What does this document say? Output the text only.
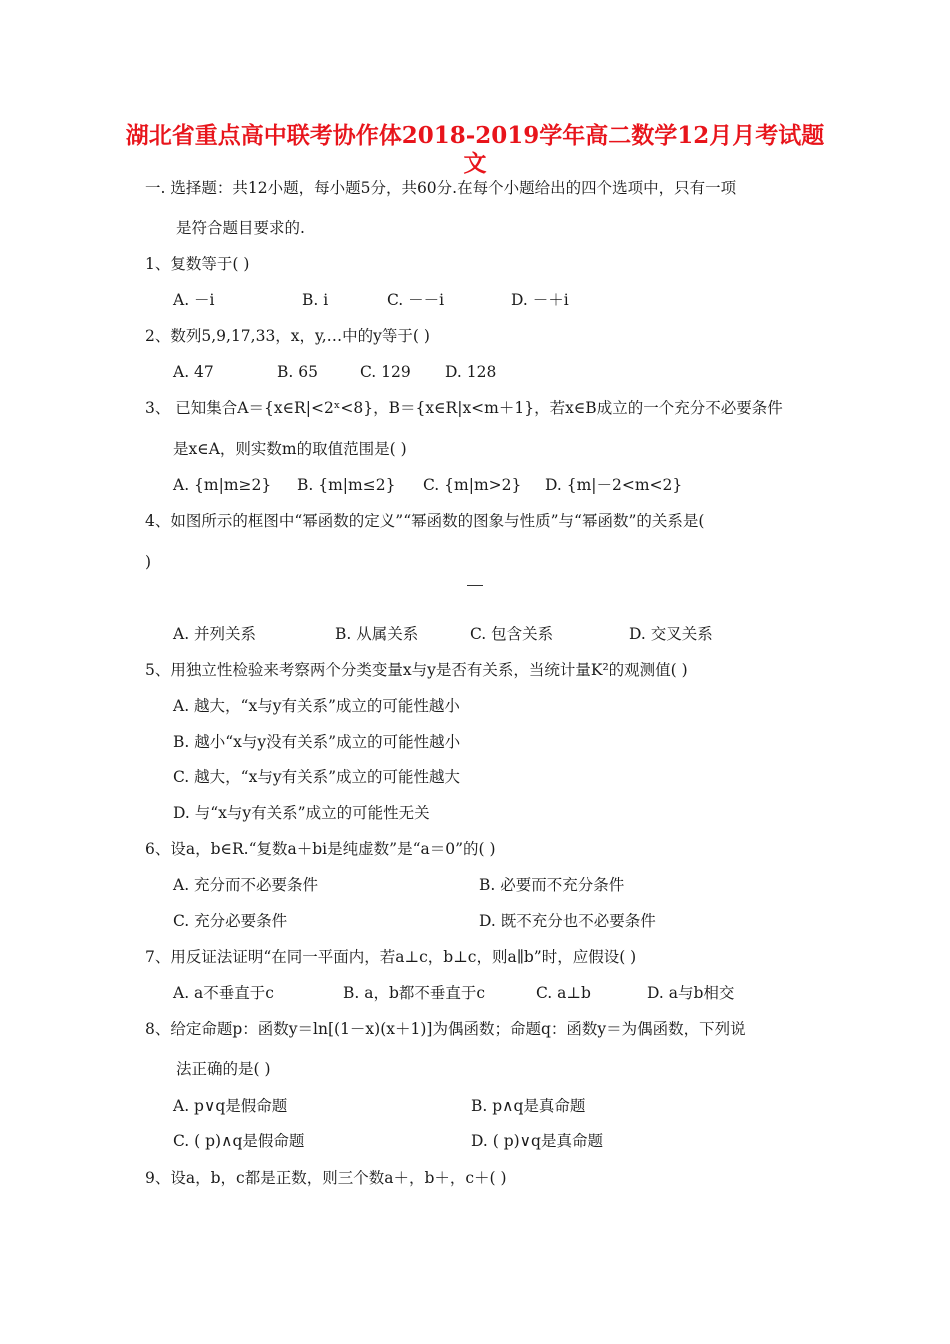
湖北省重点高中联考协作体2018-2019学年高二数学12月月考试题
文
一. 选择题：共12小题，每小题5分，共60分.在每个小题给出的四个选项中，只有一项
是符合题目要求的.
1、复数等于( )
A. －i	B. i	C. －－i	D. －＋i
2、数列5,9,17,33，x，y,…中的y等于( )
A. 47	B. 65	C. 129 D. 128
3、 已知集合A＝{x∈R|<2ˣ<8}，B＝{x∈R|x<m＋1}，若x∈B成立的一个充分不必要条件
是x∈A，则实数m的取值范围是( )
A. {m|m≥2} B. {m|m≤2} C. {m|m>2} D. {m|－2<m<2}
4、如图所示的框图中“幂函数的定义”“幂函数的图象与性质”与“幂函数”的关系是(
)
A. 并列关系	B. 从属关系	C. 包含关系	D. 交叉关系
5、用独立性检验来考察两个分类变量x与y是否有关系，当统计量K²的观测值( )
A. 越大，“x与y有关系”成立的可能性越小
B. 越小“x与y没有关系”成立的可能性越小
C. 越大，“x与y有关系”成立的可能性越大
D. 与“x与y有关系”成立的可能性无关
6、设a，b∈R.“复数a＋bi是纯虚数”是“a＝0”的( )
A. 充分而不必要条件	B. 必要而不充分条件
C. 充分必要条件	D. 既不充分也不必要条件
7、用反证法证明“在同一平面内，若a⊥c，b⊥c，则a∥b”时，应假设( )
A. a不垂直于c	B. a，b都不垂直于c	C. a⊥b	D. a与b相交
8、给定命题p：函数y＝ln[(1－x)(x＋1)]为偶函数；命题q：函数y＝为偶函数，下列说
法正确的是( )
A. p∨q是假命题	B. p∧q是真命题
C. ( p)∧q是假命题	D. ( p)∨q是真命题
9、设a，b，c都是正数，则三个数a＋，b＋，c＋( )
